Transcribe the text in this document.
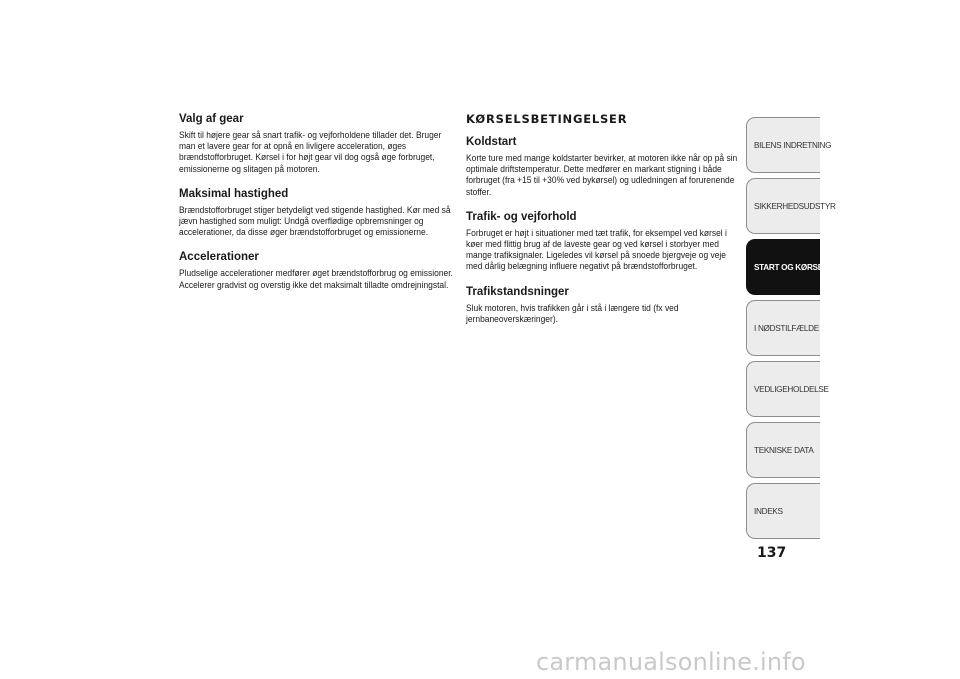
Valg af gear

Skift til højere gear så snart trafik- og vejforholdene tillader det. Bruger man et lavere gear for at opnå en livligere acceleration, øges brændstofforbruget. Kørsel i for højt gear vil dog også øge forbruget, emissionerne og slitagen på motoren.

Maksimal hastighed

Brændstofforbruget stiger betydeligt ved stigende hastighed. Kør med så jævn hastighed som muligt: Undgå overflødige opbremsninger og accelerationer, da disse øger brændstofforbruget og emissionerne.

Accelerationer

Pludselige accelerationer medfører øget brændstofforbrug og emissioner. Accelerer gradvist og overstig ikke det maksimalt tilladte omdrejningstal.

KØRSELSBETINGELSER
Koldstart

Korte ture med mange koldstarter bevirker, at motoren ikke når op på sin optimale driftstemperatur. Dette medfører en markant stigning i både forbruget (fra +15 til +30% ved bykørsel) og udledningen af forurenende stoffer.

Trafik- og vejforhold

Forbruget er højt i situationer med tæt trafik, for eksempel ved kørsel i køer med flittig brug af de laveste gear og ved kørsel i storbyer med mange trafiksignaler. Ligeledes vil kørsel på snoede bjergveje og veje med dårlig belægning influere negativt på brændstofforbruget.

Trafikstandsninger

Sluk motoren, hvis trafikken går i stå i længere tid (fx ved jernbaneoverskæringer).

BILENS INDRETNING
SIKKERHEDSUDSTYR
START OG KØRSEL
I NØDSTILFÆLDE
VEDLIGEHOLDELSE
TEKNISKE DATA
INDEKS
137
carmanualsonline.info
